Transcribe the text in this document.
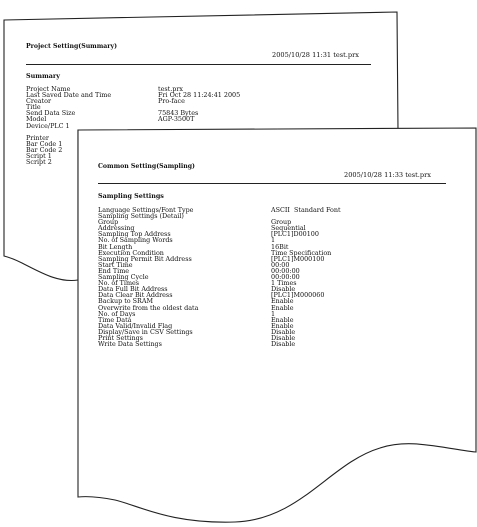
Project Setting(Summary)
2005/10/28 11:31 test.prx
Summary
Project Name	test.prx
Last Saved Date and Time	Fri Oct 28 11:24:41 2005
Creator	Pro-face
Title
Send Data Size	75843 Bytes
Model	AGP-3500T
Device/PLC 1
Printer
Bar Code 1
Bar Code 2
Script 1
Script 2
Common Setting(Sampling)
2005/10/28 11:33 test.prx
Sampling Settings
Language Settings/Font Type	ASCII  Standard Font
Sampling Settings (Detail)
Group	Group
Addressing	Sequential
Sampling Top Address	[PLC1]D00100
No. of Sampling Words	1
Bit Length	16Bit
Execution Condition	Time Specification
Sampling Permit Bit Address	[PLC1]M000100
Start Time	00:00
End Time	00:00:00
Sampling Cycle	00:00:00
No. of Times	1 Times
Data Full Bit Address	Disable
Data Clear Bit Address	[PLC1]M000060
Backup to SRAM	Enable
Overwrite from the oldest data	Enable
No. of Days	1
Time Data	Enable
Data Valid/Invalid Flag	Enable
Display/Save in CSV Settings	Disable
Print Settings	Disable
Write Data Settings	Disable
